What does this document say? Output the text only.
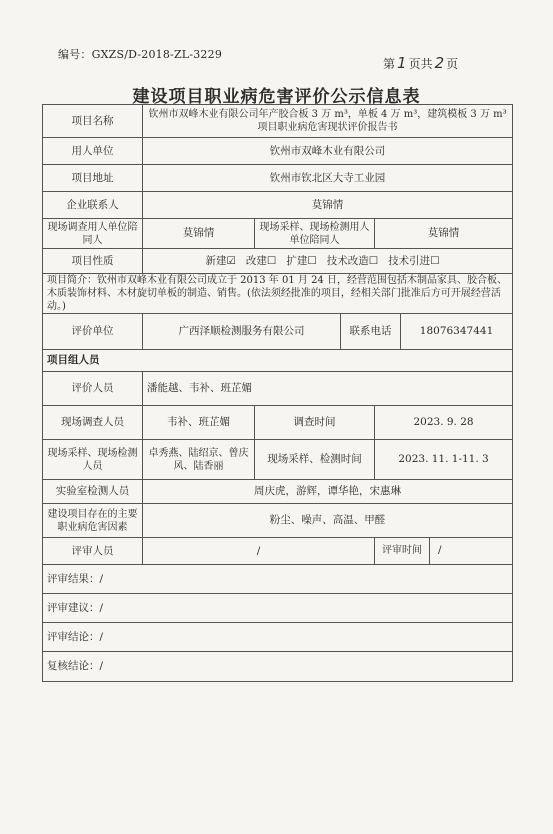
编号：GXZS/D-2018-ZL-3229
第 1 页共 2 页
建设项目职业病危害评价公示信息表
项目名称	钦州市双峰木业有限公司年产胶合板 3 万 m³，单板 4 万 m³，建筑模板 3 万 m³ 项目职业病危害现状评价报告书				
用人单位	钦州市双峰木业有限公司				
项目地址	钦州市钦北区大寺工业园				
企业联系人	莫锦情				
现场调查用人单位陪同人	莫锦情	现场采样、现场检测用人单位陪同人		莫锦情	
项目性质	新建☑ 改建☐ 扩建☐ 技术改造☐ 技术引进☐				
项目简介：钦州市双峰木业有限公司成立于 2013 年 01 月 24 日，经营范围包括木制品家具、胶合板、木质装饰材料、木材旋切单板的制造、销售。(依法须经批准的项目，经相关部门批准后方可开展经营活动。)					
评价单位	广西泽顺检测服务有限公司		联系电话		18076347441
项目组人员					
评价人员	潘能越、韦补、班芷媚				
现场调查人员	韦补、班芷媚	调查时间		2023. 9. 28	
现场采样、现场检测人员	卓秀燕、陆绍京、曾庆风、陆香丽	现场采样、检测时间		2023. 11. 1-11. 3	
实验室检测人员	周庆虎，游辉，谭华艳，宋惠琳				
建设项目存在的主要职业病危害因素	粉尘、噪声、高温、甲醛				
评审人员	/			评审时间 /	
评审结果：/					
评审建议：/					
评审结论：/					
复核结论：/					
